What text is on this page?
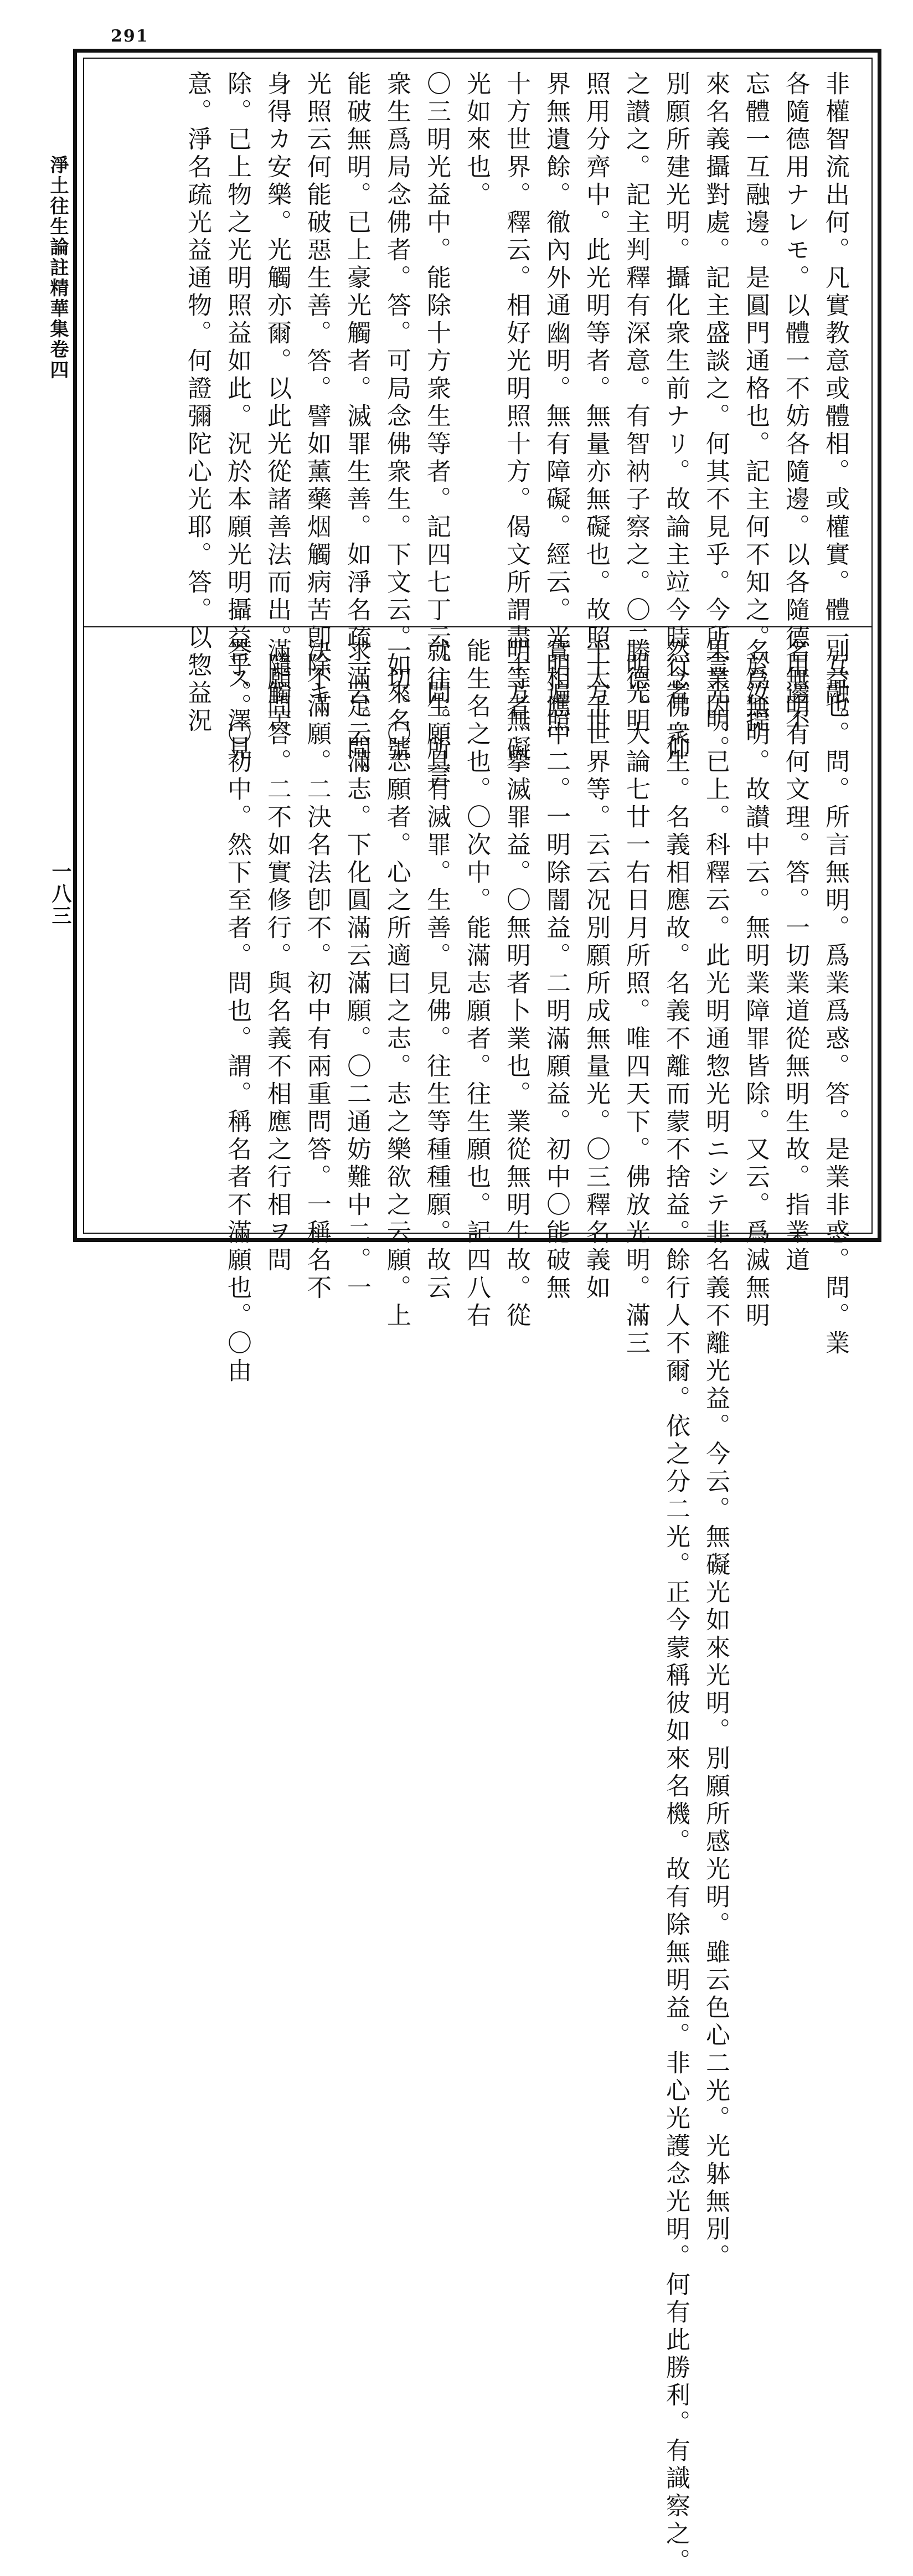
291
淨土往生論註精華集卷四
一八三
非權智流出何。凡實教意或體相。或權實。體一互融。
各隨德用ナレモ。以體一不妨各隨邊。以各隨德用邊不
忘體一互融邊。是圓門通格也。記主何不知之。於汝提
來名義攝對處。記主盛談之。何其不見乎。今所言光明。
別願所建光明。攝化衆生前ナリ。故論主竝今時行者。仰
之讃之。記主判釋有深意。有智衲子察之。〇二明光明
照用分齊中。此光明等者。無量亦無礙也。故照十方世
界無遺餘。徹內外通幽明。無有障礙。經云。光明遍照
十方世界。釋云。相好光明照十方。偈文所謂盡十方無礙
光如來也。
〇三明光益中。能除十方衆生等者。記四七丁云。問。所言
衆生爲局念佛者。答。可局念佛衆生。下文云。如來名號
能破無明。已上豪光觸者。滅罪生善。如淨名疏一云。問。
光照云何能破惡生善。答。譬如薰藥烟觸病苦卽除キ
身得カ安樂。光觸亦爾。以此光從諸善法而出。隨觸苦
除。已上物之光明照益如此。況於本願光明攝益乎。澤見
意。淨名疏光益通物。何證彌陀心光耶。答。以惣益況
別益也。問。所言無明。爲業爲惑。答。是業非惑。問。業
名無明有何文理。答。一切業道從無明生故。指業道
名爲無明。故讃中云。無明業障罪皆除。又云。爲滅無明
果業因。已上。科釋云。此光明通惣光明ニシテ非名義不離光益。今云。無礙光如來光明。別願所感光明。雖云色心二光。光躰無別。
然念佛衆生。名義相應故。名義不離而蒙不捨益。餘行人不爾。依之分二光。正今蒙稱彼如來名機。故有除無明益。非心光護念光明。何有此勝利。有識察之。
勝德。大論七廿一右日月所照。唯四天下。佛放光明。滿三
千大千世界等。云云况別願所成無量光。〇三釋名義如
實相應中二。一明除闇益。二明滿願益。初中〇能破無
明等者。擧滅罪益。〇無明者卜業也。業從無明生故。從
能生名之也。〇次中。能滿志願者。往生願也。記四八右
就往生願具有滅罪。生善。見佛。往生等種種願。故云
一切。〇志願者。心之所適曰之志。志之樂欲之云願。上
求滿足云滿志。下化圓滿云滿願。〇二通妨難中二。一
決不滿願。二決名法卽不。初中有兩重問答。一稱名不
滿願問答。二不如實修行。與名義不相應之行相ヲ問
答ス。〇初中。然下至者。問也。謂。稱名者不滿願也。〇由
